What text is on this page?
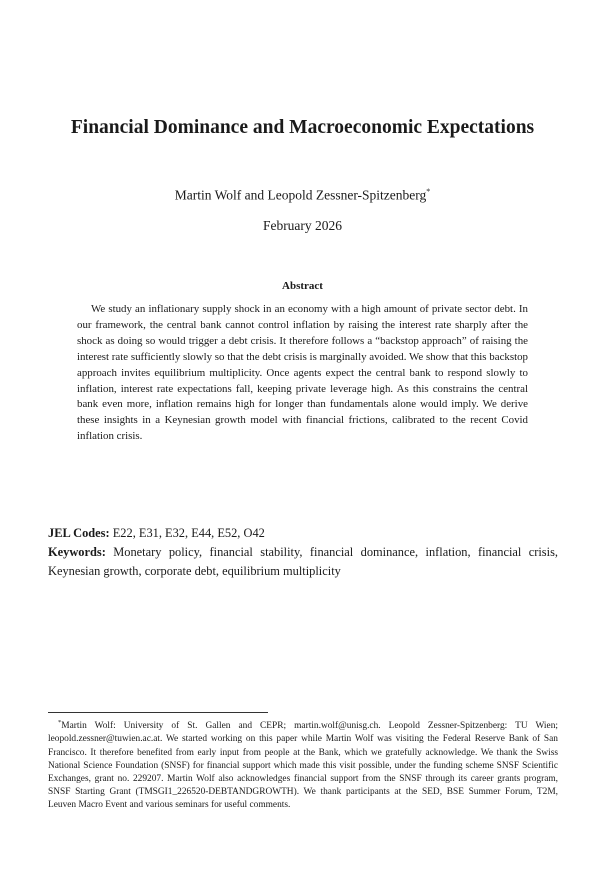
Financial Dominance and Macroeconomic Expectations
Martin Wolf and Leopold Zessner-Spitzenberg*
February 2026
Abstract

We study an inflationary supply shock in an economy with a high amount of private sector debt. In our framework, the central bank cannot control inflation by raising the interest rate sharply after the shock as doing so would trigger a debt crisis. It therefore follows a “backstop approach” of raising the interest rate sufficiently slowly so that the debt crisis is marginally avoided. We show that this backstop approach invites equilibrium multiplicity. Once agents expect the central bank to respond slowly to inflation, interest rate expectations fall, keeping private leverage high. As this constrains the central bank even more, inflation remains high for longer than fundamentals alone would imply. We derive these insights in a Keynesian growth model with financial frictions, calibrated to the recent Covid inflation crisis.

JEL Codes: E22, E31, E32, E44, E52, O42
Keywords: Monetary policy, financial stability, financial dominance, inflation, financial crisis, Keynesian growth, corporate debt, equilibrium multiplicity

*Martin Wolf: University of St. Gallen and CEPR; martin.wolf@unisg.ch. Leopold Zessner-Spitzenberg: TU Wien; leopold.zessner@tuwien.ac.at. We started working on this paper while Martin Wolf was visiting the Federal Reserve Bank of San Francisco. It therefore benefited from early input from people at the Bank, which we gratefully acknowledge. We thank the Swiss National Science Foundation (SNSF) for financial support which made this visit possible, under the funding scheme SNSF Scientific Exchanges, grant no. 229207. Martin Wolf also acknowledges financial support from the SNSF through its career grants program, SNSF Starting Grant (TMSGI1_226520-DEBTANDGROWTH). We thank participants at the SED, BSE Summer Forum, T2M, Leuven Macro Event and various seminars for useful comments.
